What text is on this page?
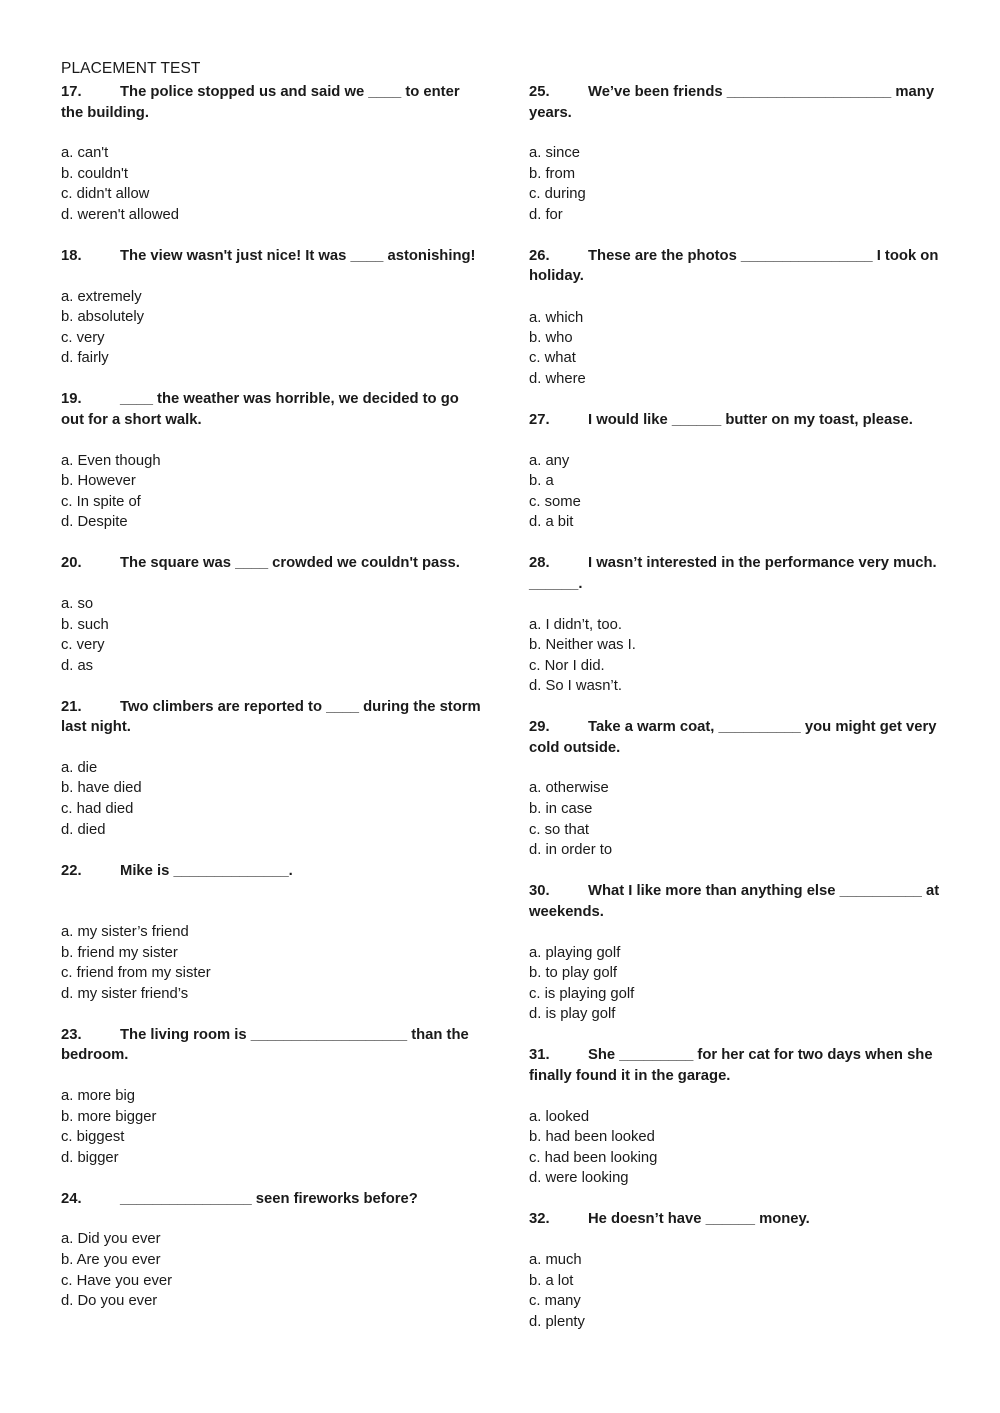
PLACEMENT TEST
17.	The police stopped us and said we ____ to enter the building.
a. can't
b. couldn't
c. didn't allow
d. weren't allowed
18.	The view wasn't just nice! It was ____ astonishing!
a. extremely
b. absolutely
c. very
d. fairly
19.	____ the weather was horrible, we decided to go out for a short walk.
a. Even though
b. However
c. In spite of
d. Despite
20.	The square was ____ crowded we couldn't pass.
a. so
b. such
c. very
d. as
21.	Two climbers are reported to ____ during the storm last night.
a. die
b. have died
c. had died
d. died
22.	Mike is ______________.
a. my sister’s friend
b. friend my sister
c. friend from my sister
d. my sister friend’s
23.	The living room is ___________________ than the bedroom.
a. more big
b. more bigger
c. biggest
d. bigger
24.	________________ seen fireworks before?
a. Did you ever
b. Are you ever
c. Have you ever
d. Do you ever
25.	We’ve been friends ____________________ many years.
a. since
b. from
c. during
d. for
26.	These are the photos ________________ I took on holiday.
a. which
b. who
c. what
d. where
27.	I would like ______ butter on my toast, please.
a. any
b. a
c. some
d. a bit
28.	I wasn’t interested in the performance very much. ______.
a. I didn’t, too.
b. Neither was I.
c. Nor I did.
d. So I wasn’t.
29.	Take a warm coat, __________ you might get very cold outside.
a. otherwise
b. in case
c. so that
d. in order to
30.	What I like more than anything else __________ at weekends.
a. playing golf
b. to play golf
c. is playing golf
d. is play golf
31.	She _________ for her cat for two days when she finally found it in the garage.
a. looked
b. had been looked
c. had been looking
d. were looking
32.	He doesn’t have ______ money.
a. much
b. a lot
c. many
d. plenty
